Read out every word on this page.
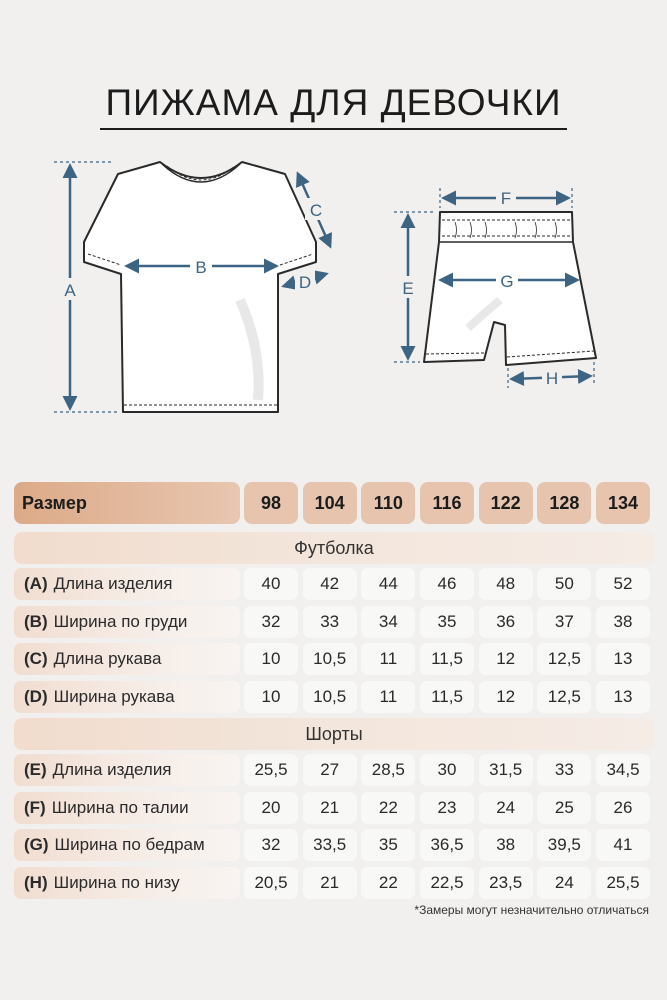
ПИЖАМА ДЛЯ ДЕВОЧКИ
A
B
C
D	E
F
G
H
Размер	98	104	110	116	122	128	134
Футболка
(A) Длина изделия	40	42	44	46	48	50	52
(B) Ширина по груди	32	33	34	35	36	37	38
(C) Длина рукава	10	10,5	11	11,5	12	12,5	13
(D) Ширина рукава	10	10,5	11	11,5	12	12,5	13
Шорты
(E) Длина изделия	25,5	27	28,5	30	31,5	33	34,5
(F) Ширина по талии	20	21	22	23	24	25	26
(G) Ширина по бедрам	32	33,5	35	36,5	38	39,5	41
(H) Ширина по низу	20,5	21	22	22,5	23,5	24	25,5
*Замеры могут незначительно отличаться
